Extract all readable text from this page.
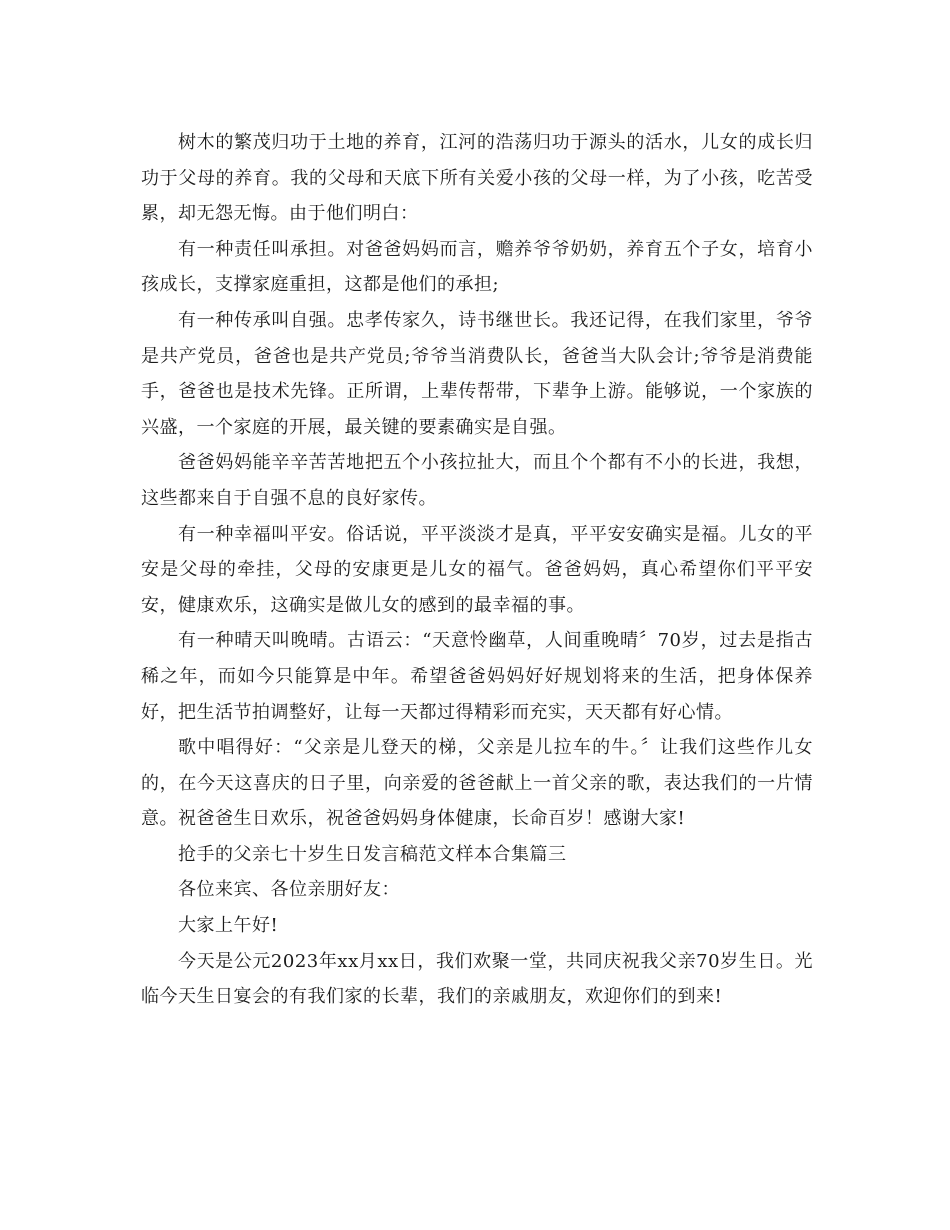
树木的繁茂归功于土地的养育，江河的浩荡归功于源头的活水，儿女的成长归功于父母的养育。我的父母和天底下所有关爱小孩的父母一样，为了小孩，吃苦受累，却无怨无悔。由于他们明白：

有一种责任叫承担。对爸爸妈妈而言，赡养爷爷奶奶，养育五个子女，培育小孩成长，支撑家庭重担，这都是他们的承担;

有一种传承叫自强。忠孝传家久，诗书继世长。我还记得，在我们家里，爷爷是共产党员，爸爸也是共产党员;爷爷当消费队长，爸爸当大队会计;爷爷是消费能手，爸爸也是技术先锋。正所谓，上辈传帮带，下辈争上游。能够说，一个家族的兴盛，一个家庭的开展，最关键的要素确实是自强。

爸爸妈妈能辛辛苦苦地把五个小孩拉扯大，而且个个都有不小的长进，我想，这些都来自于自强不息的良好家传。

有一种幸福叫平安。俗话说，平平淡淡才是真，平平安安确实是福。儿女的平安是父母的牵挂，父母的安康更是儿女的福气。爸爸妈妈，真心希望你们平平安安，健康欢乐，这确实是做儿女的感到的最幸福的事。

有一种晴天叫晚晴。古语云：“天意怜幽草，人间重晚晴〞70岁，过去是指古稀之年，而如今只能算是中年。希望爸爸妈妈好好规划将来的生活，把身体保养好，把生活节拍调整好，让每一天都过得精彩而充实，天天都有好心情。

歌中唱得好：“父亲是儿登天的梯，父亲是儿拉车的牛。〞让我们这些作儿女的，在今天这喜庆的日子里，向亲爱的爸爸献上一首父亲的歌，表达我们的一片情意。祝爸爸生日欢乐，祝爸爸妈妈身体健康，长命百岁！感谢大家!

抢手的父亲七十岁生日发言稿范文样本合集篇三

各位来宾、各位亲朋好友：

大家上午好!

今天是公元2023年xx月xx日，我们欢聚一堂，共同庆祝我父亲70岁生日。光临今天生日宴会的有我们家的长辈，我们的亲戚朋友，欢迎你们的到来!
